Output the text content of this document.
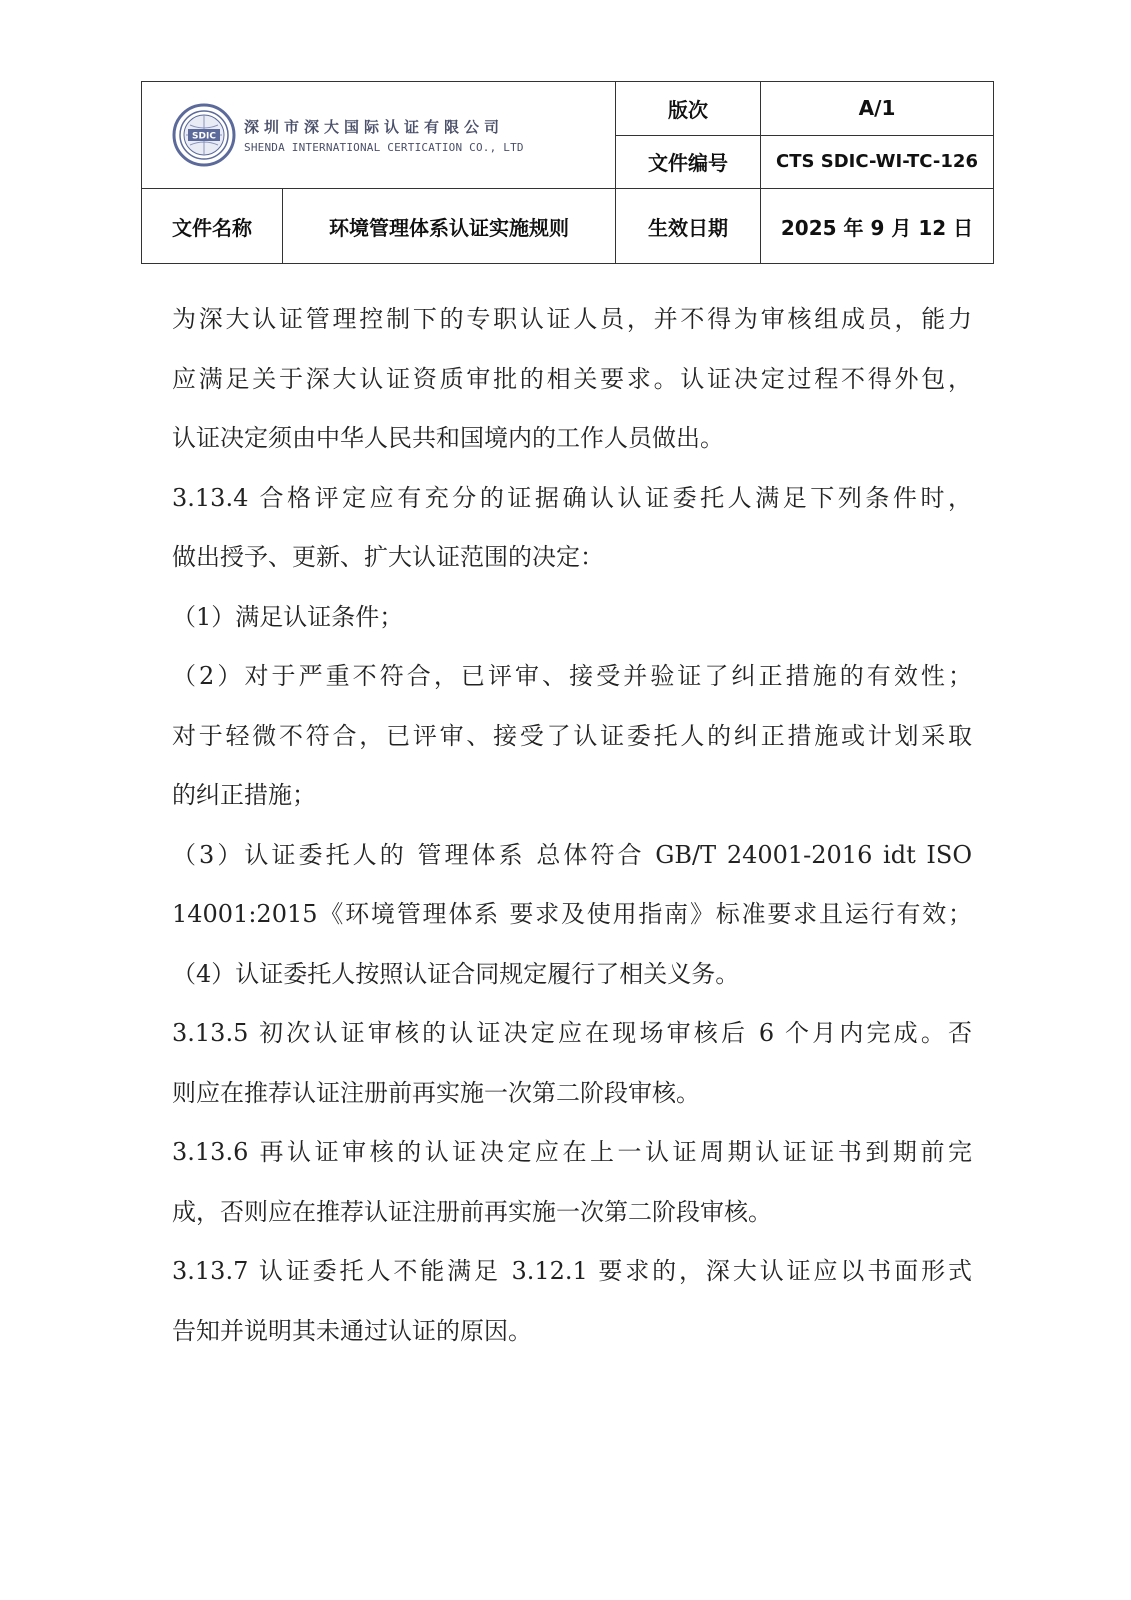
SDIC
深圳市深大国际认证有限公司
SHENDA INTERNATIONAL CERTICATION CO., LTD		版次	A/1
		文件编号	CTS SDIC-WI-TC-126
文件名称	环境管理体系认证实施规则	生效日期	2025 年 9 月 12 日

为深大认证管理控制下的专职认证人员，并不得为审核组成员，能力

应满足关于深大认证资质审批的相关要求。认证决定过程不得外包，

认证决定须由中华人民共和国境内的工作人员做出。

3.13.4 合格评定应有充分的证据确认认证委托人满足下列条件时，

做出授予、更新、扩大认证范围的决定：

（1）满足认证条件；

（2）对于严重不符合，已评审、接受并验证了纠正措施的有效性；

对于轻微不符合，已评审、接受了认证委托人的纠正措施或计划采取

的纠正措施；

（3）认证委托人的 管理体系 总体符合 GB/T 24001-2016 idt ISO

14001:2015《环境管理体系 要求及使用指南》标准要求且运行有效；

（4）认证委托人按照认证合同规定履行了相关义务。

3.13.5 初次认证审核的认证决定应在现场审核后 6 个月内完成。否

则应在推荐认证注册前再实施一次第二阶段审核。

3.13.6 再认证审核的认证决定应在上一认证周期认证证书到期前完

成，否则应在推荐认证注册前再实施一次第二阶段审核。

3.13.7 认证委托人不能满足 3.12.1 要求的，深大认证应以书面形式

告知并说明其未通过认证的原因。
